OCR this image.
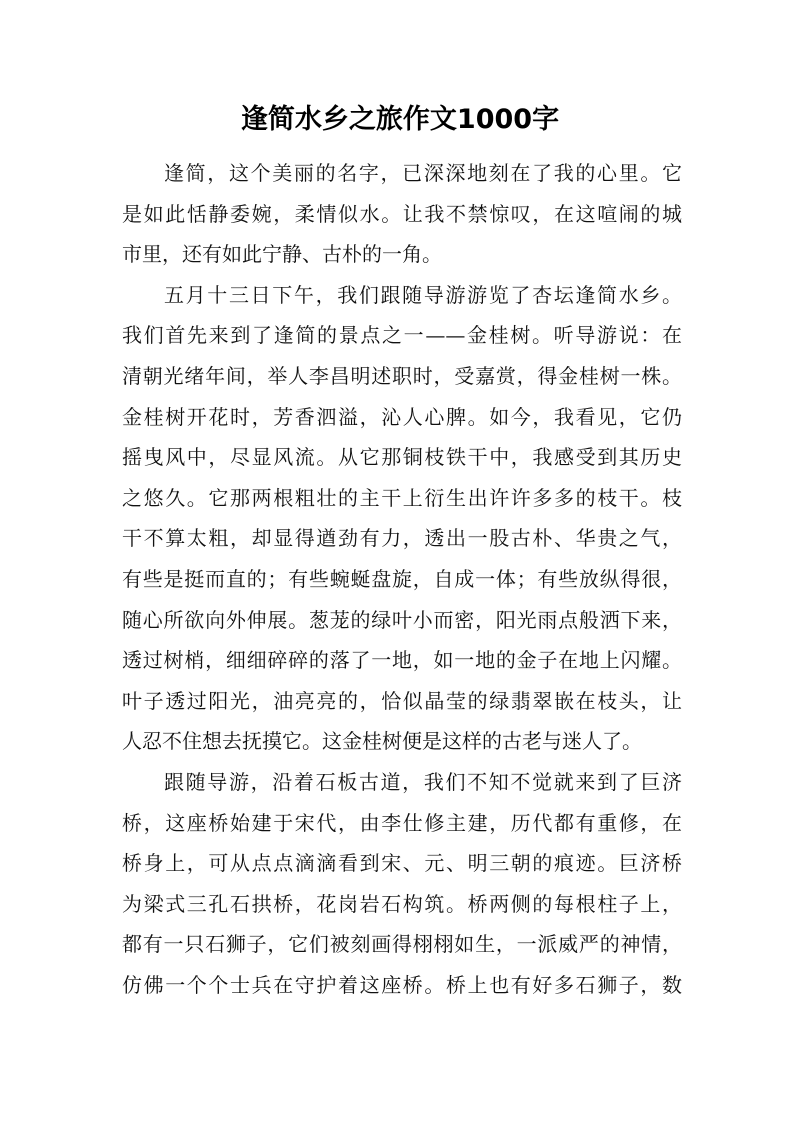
逢简水乡之旅作文1000字
逢简，这个美丽的名字，已深深地刻在了我的心里。它
是如此恬静委婉，柔情似水。让我不禁惊叹，在这喧闹的城
市里，还有如此宁静、古朴的一角。
五月十三日下午，我们跟随导游游览了杏坛逢简水乡。
我们首先来到了逢简的景点之一——金桂树。听导游说：在
清朝光绪年间，举人李昌明述职时，受嘉赏，得金桂树一株。
金桂树开花时，芳香泗溢，沁人心脾。如今，我看见，它仍
摇曳风中，尽显风流。从它那铜枝铁干中，我感受到其历史
之悠久。它那两根粗壮的主干上衍生出许许多多的枝干。枝
干不算太粗，却显得遒劲有力，透出一股古朴、华贵之气，
有些是挺而直的；有些蜿蜒盘旋，自成一体；有些放纵得很，
随心所欲向外伸展。葱茏的绿叶小而密，阳光雨点般洒下来，
透过树梢，细细碎碎的落了一地，如一地的金子在地上闪耀。
叶子透过阳光，油亮亮的，恰似晶莹的绿翡翠嵌在枝头，让
人忍不住想去抚摸它。这金桂树便是这样的古老与迷人了。
跟随导游，沿着石板古道，我们不知不觉就来到了巨济
桥，这座桥始建于宋代，由李仕修主建，历代都有重修，在
桥身上，可从点点滴滴看到宋、元、明三朝的痕迹。巨济桥
为梁式三孔石拱桥，花岗岩石构筑。桥两侧的每根柱子上，
都有一只石狮子，它们被刻画得栩栩如生，一派威严的神情，
仿佛一个个士兵在守护着这座桥。桥上也有好多石狮子，数
